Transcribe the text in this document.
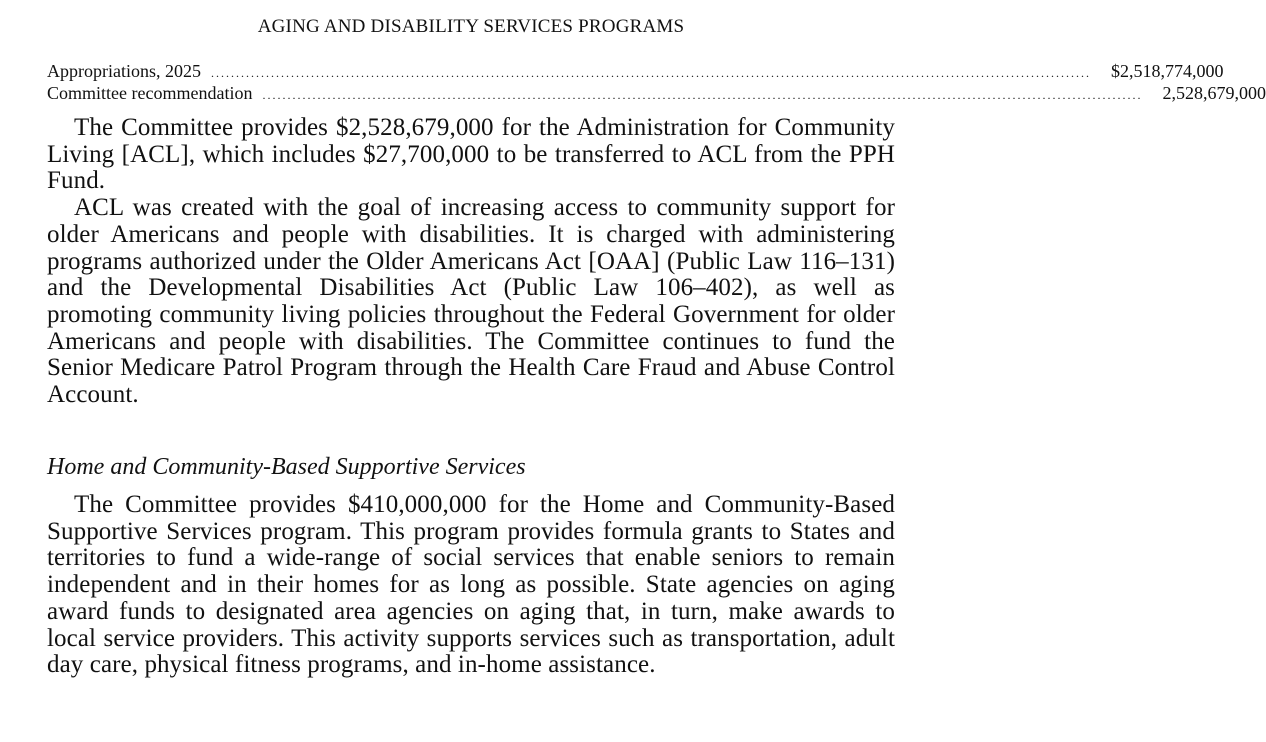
AGING AND DISABILITY SERVICES PROGRAMS
Appropriations, 2025 ................................................................................................................................................................................	$2,518,774,000
Committee recommendation ................................................................................................................................................................................	2,528,679,000

The Committee provides $2,528,679,000 for the Administration for Community Living [ACL], which includes $27,700,000 to be transferred to ACL from the PPH Fund.

ACL was created with the goal of increasing access to community support for older Americans and people with disabilities. It is charged with administering programs authorized under the Older Americans Act [OAA] (Public Law 116–131) and the Developmental Disabilities Act (Public Law 106–402), as well as promoting community living policies throughout the Federal Government for older Americans and people with disabilities. The Committee continues to fund the Senior Medicare Patrol Program through the Health Care Fraud and Abuse Control Account.

Home and Community-Based Supportive Services

The Committee provides $410,000,000 for the Home and Community-Based Supportive Services program. This program provides formula grants to States and territories to fund a wide-range of social services that enable seniors to remain independent and in their homes for as long as possible. State agencies on aging award funds to designated area agencies on aging that, in turn, make awards to local service providers. This activity supports services such as transportation, adult day care, physical fitness programs, and in-home assistance.
